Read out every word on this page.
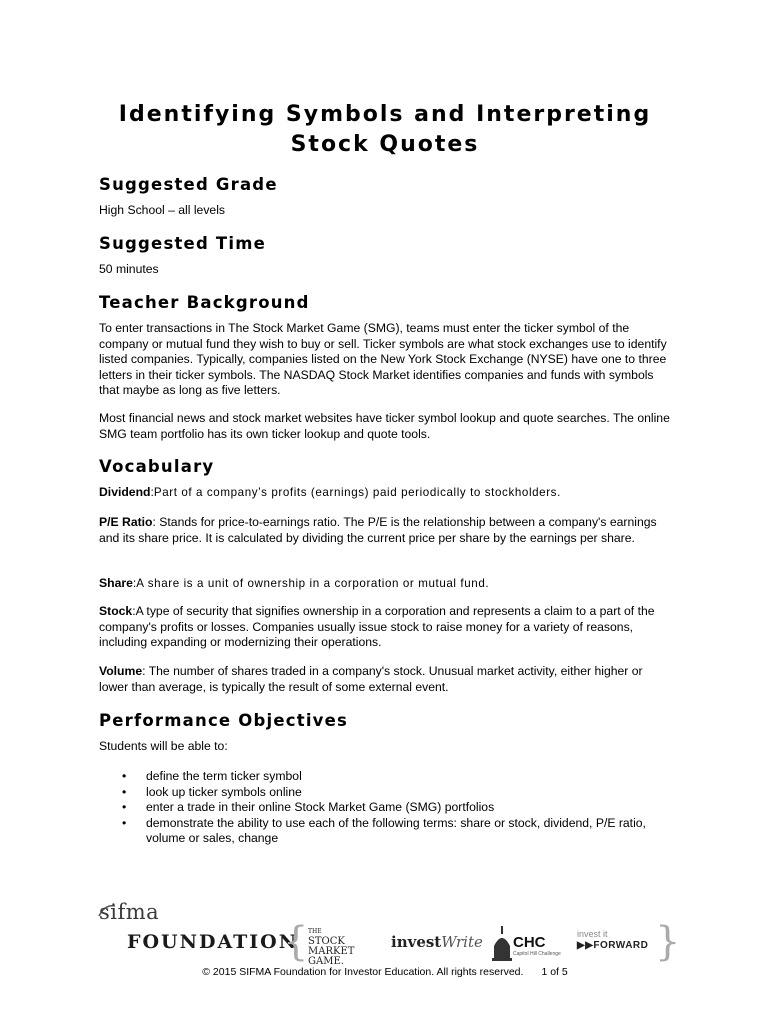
Identifying Symbols and Interpreting
Stock Quotes
Suggested Grade

High School – all levels

Suggested Time

50 minutes

Teacher Background

To enter transactions in The Stock Market Game (SMG), teams must enter the ticker symbol of the company or mutual fund they wish to buy or sell. Ticker symbols are what stock exchanges use to identify listed companies. Typically, companies listed on the New York Stock Exchange (NYSE) have one to three letters in their ticker symbols. The NASDAQ Stock Market identifies companies and funds with symbols that maybe as long as five letters.

Most financial news and stock market websites have ticker symbol lookup and quote searches. The online SMG team portfolio has its own ticker lookup and quote tools.

Vocabulary

Dividend:Part of a company’s profits (earnings) paid periodically to stockholders.

P/E Ratio: Stands for price-to-earnings ratio. The P/E is the relationship between a company's earnings and its share price. It is calculated by dividing the current price per share by the earnings per share.

Share:A share is a unit of ownership in a corporation or mutual fund.

Stock:A type of security that signifies ownership in a corporation and represents a claim to a part of the company's profits or losses. Companies usually issue stock to raise money for a variety of reasons, including expanding or modernizing their operations.

Volume: The number of shares traded in a company's stock. Unusual market activity, either higher or lower than average, is typically the result of some external event.

Performance Objectives

Students will be able to:

• define the term ticker symbol
• look up ticker symbols online
• enter a trade in their online Stock Market Game (SMG) portfolios
• demonstrate the ability to use each of the following terms: share or stock, dividend, P/E ratio, volume or sales, change
sifma
FOUNDATION
{ THE
STOCK
MARKET
GAME.
investWrite CHC
Capitol Hill Challenge
invest it
▶▶FORWARD }
© 2015 SIFMA Foundation for Investor Education. All rights reserved. 1 of 5
